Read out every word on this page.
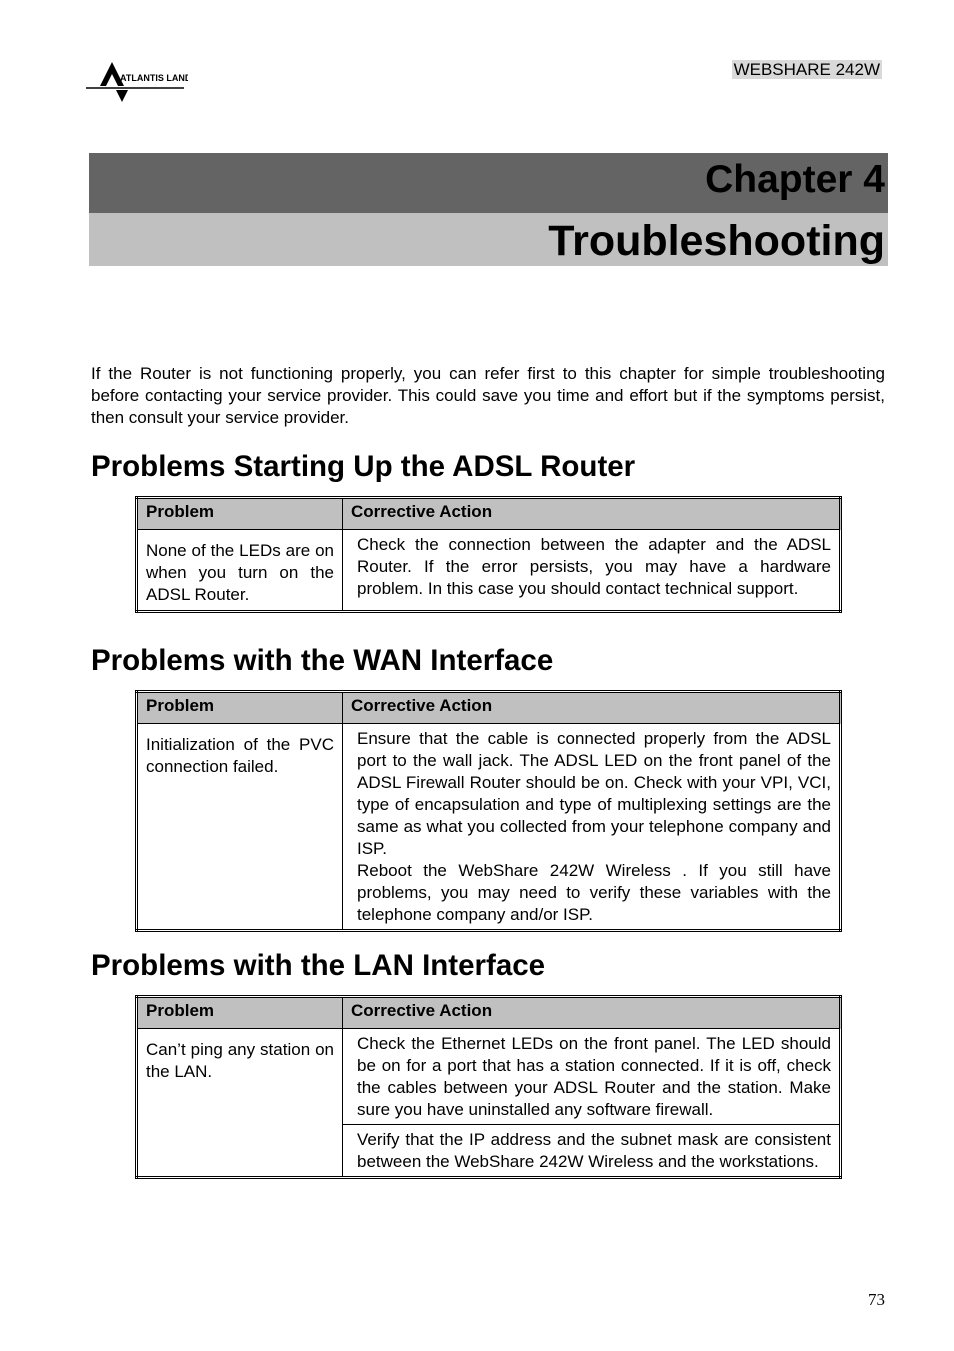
ATLANTIS LAND	WEBSHARE 242W
Chapter 4
Troubleshooting
If the Router is not functioning properly, you can refer first to this chapter for simple troubleshooting before contacting your service provider. This could save you time and effort but if the symptoms persist, then consult your service provider.
Problems Starting Up the ADSL Router
Problem	Corrective Action
None of the LEDs are on when you turn on the ADSL Router.	Check the connection between the adapter and the ADSL Router. If the error persists, you may have a hardware problem. In this case you should contact technical support.
Problems with the WAN Interface
Problem	Corrective Action
Initialization of the PVC connection failed.	Ensure that the cable is connected properly from the ADSL port to the wall jack. The ADSL LED on the front panel of the ADSL Firewall Router should be on. Check with your VPI, VCI, type of encapsulation and type of multiplexing settings are the same as what you collected from your telephone company and ISP.
Reboot the WebShare 242W Wireless . If you still have problems, you may need to verify these variables with the telephone company and/or ISP.
Problems with the LAN Interface
Problem	Corrective Action
Can’t ping any station on the LAN.	Check the Ethernet LEDs on the front panel. The LED should be on for a port that has a station connected. If it is off, check the cables between your ADSL Router and the station. Make sure you have uninstalled any software firewall.
	Verify that the IP address and the subnet mask are consistent between the WebShare 242W Wireless and the workstations.
73
